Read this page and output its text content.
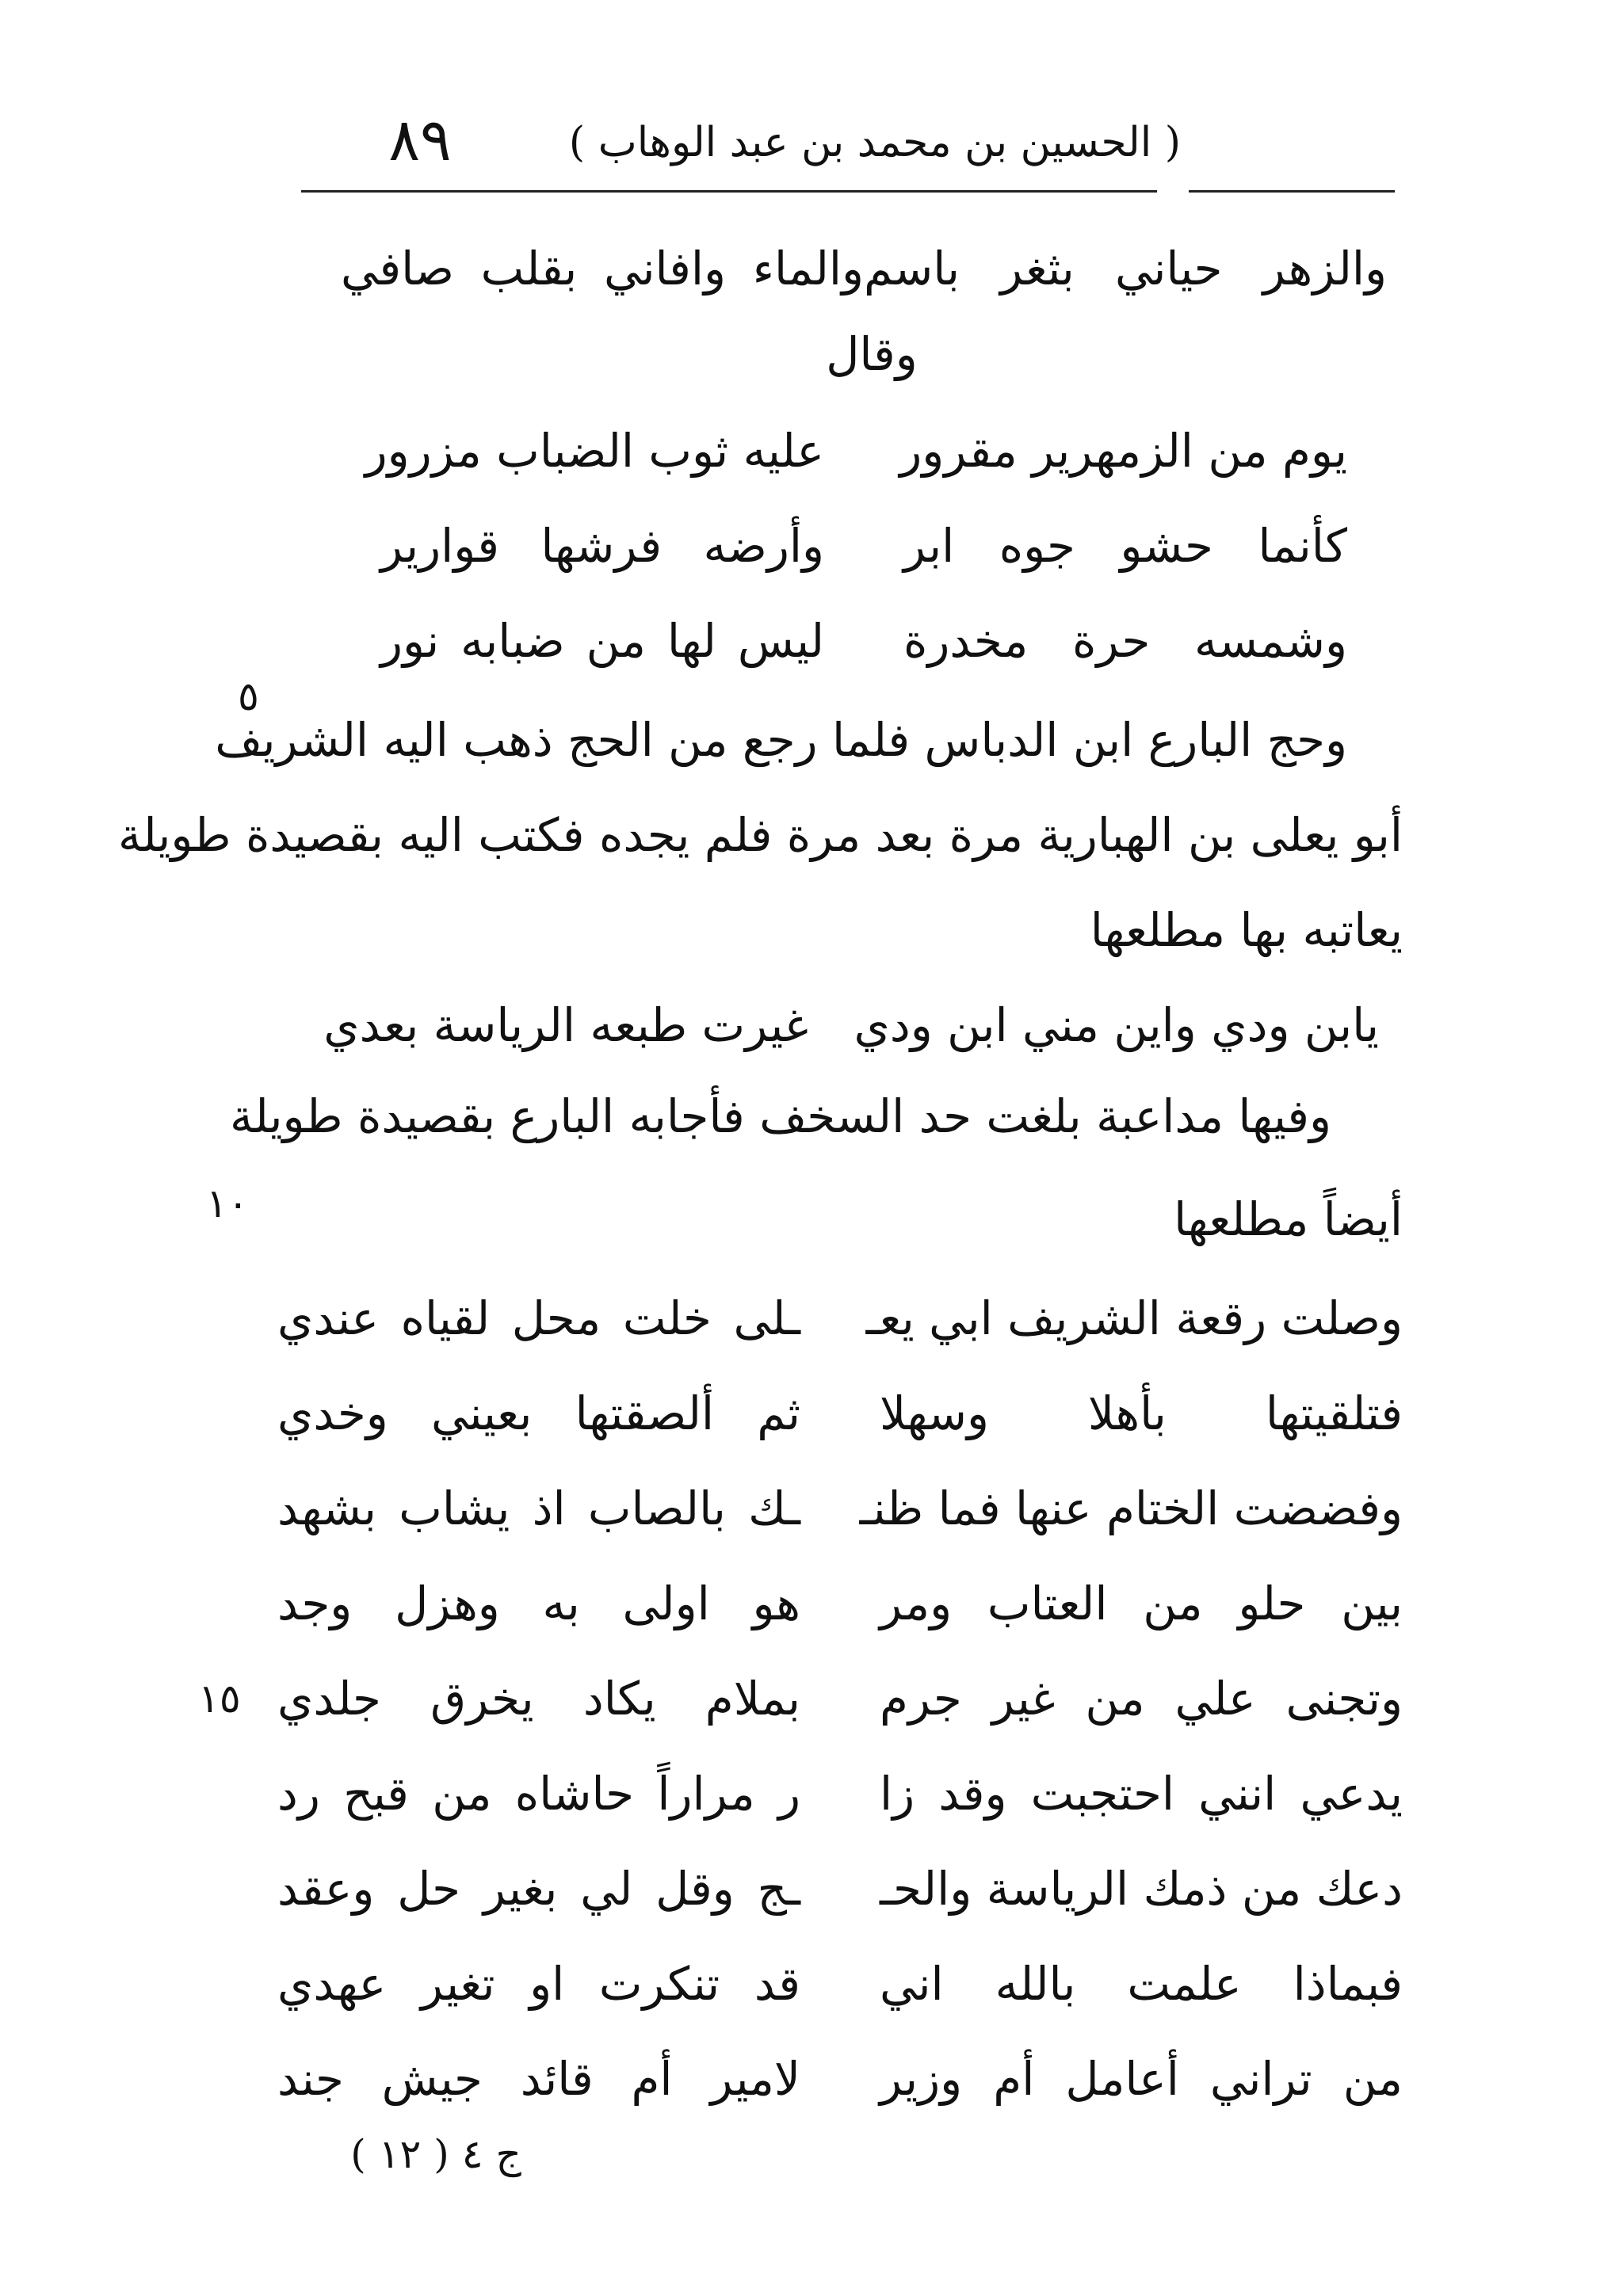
( الحسين بن محمد بن عبد الوهاب )
٨٩
والزهر حياني بثغر باسم
والماء وافاني بقلب صافي
وقال
يوم من الزمهرير مقرور
عليه ثوب الضباب مزرور
كأنما حشو جوه ابر
وأرضه فرشها قوارير
وشمسه حرة مخدرة
ليس لها من ضبابه نور
٥
وحج البارع ابن الدباس فلما رجع من الحج ذهب اليه الشريف
أبو يعلى بن الهبارية مرة بعد مرة فلم يجده فكتب اليه بقصيدة طويلة
يعاتبه بها مطلعها
يابن ودي واين مني ابن ودي
غيرت طبعه الرياسة بعدي
وفيها مداعبة بلغت حد السخف فأجابه البارع بقصيدة طويلة
١٠	أيضاً مطلعها
وصلت رقعة الشريف ابي يعـ
ـلى خلت محل لقياه عندي
فتلقيتها بأهلا وسهلا
ثم ألصقتها بعيني وخدي
وفضضت الختام عنها فما ظنـ
ـك بالصاب اذ يشاب بشهد
بين حلو من العتاب ومر
هو اولى به وهزل وجد
١٥	وتجنى علي من غير جرم
بملام يكاد يخرق جلدي
يدعي انني احتجبت وقد زا
ر مراراً حاشاه من قبح رد
دعك من ذمك الرياسة والحـ
ـج وقل لي بغير حل وعقد
فبماذا علمت بالله اني
قد تنكرت او تغير عهدي
من تراني أعامل أم وزير
لامير أم قائد جيش جند
ج ٤ ( ١٢ )
